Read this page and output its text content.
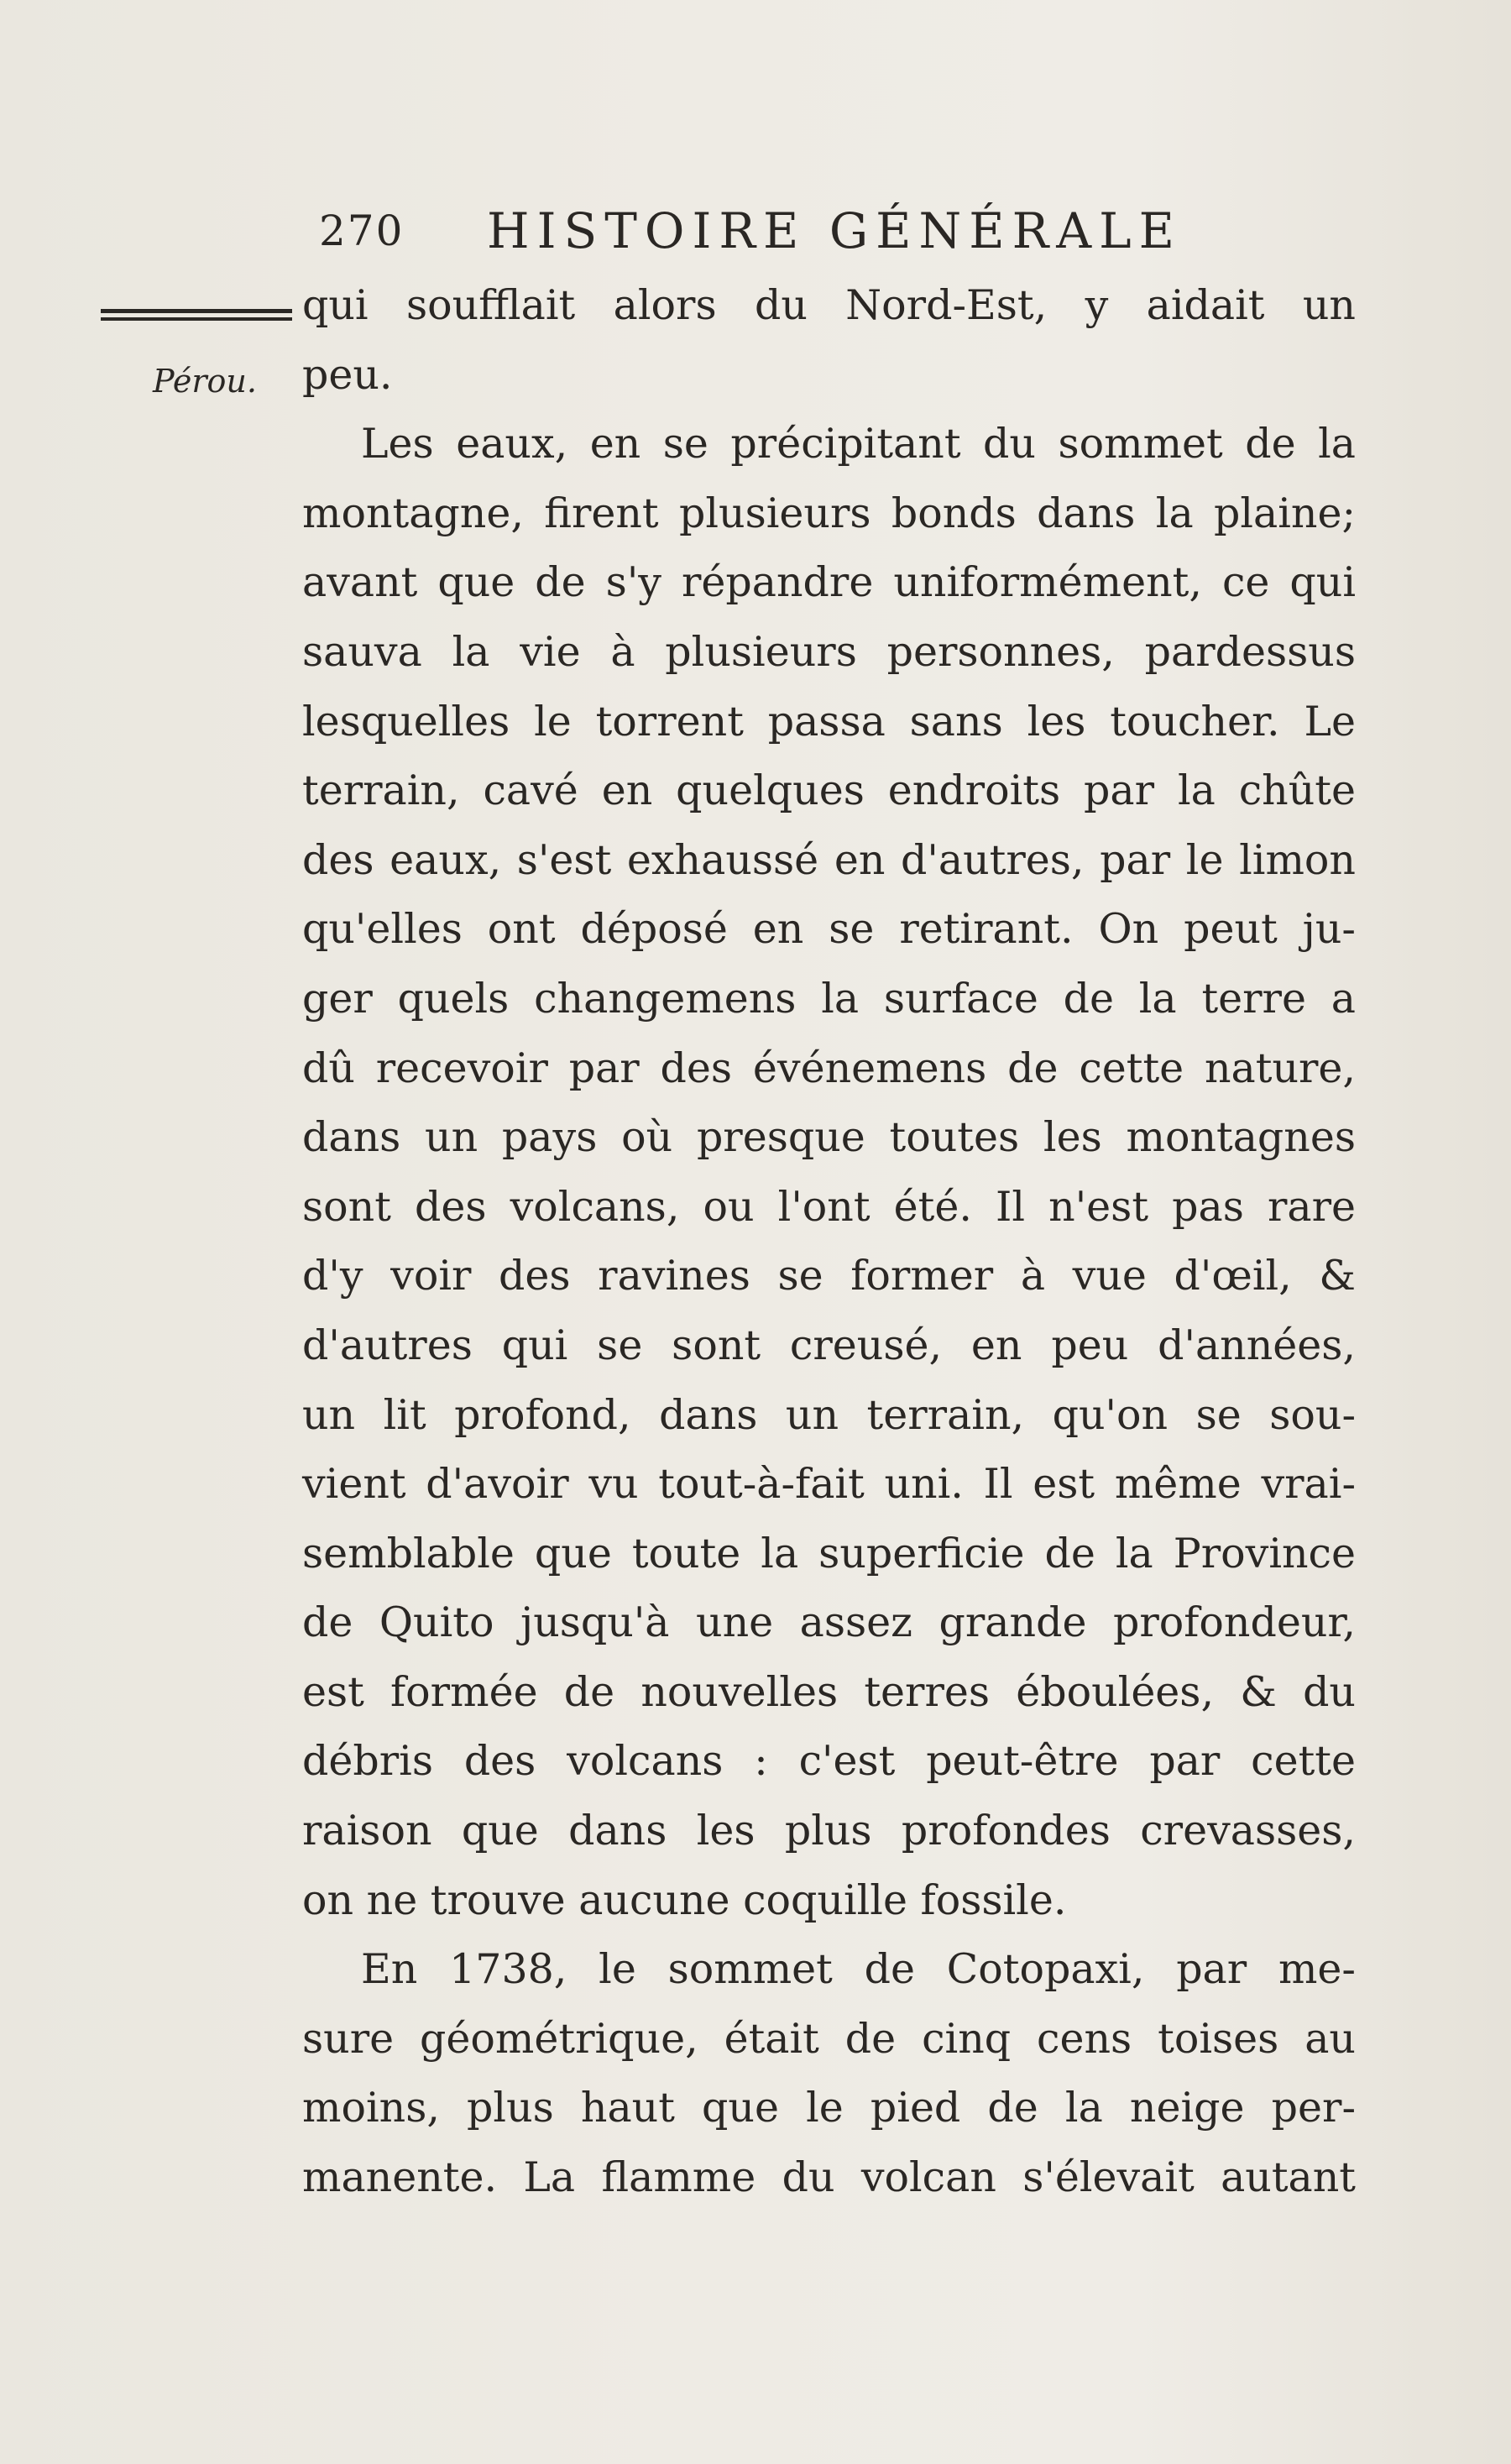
270 HISTOIRE GÉNÉRALE
Pérou.
qui soufflait alors du Nord-Est, y aidait un
peu.
Les eaux, en se précipitant du sommet de la
montagne, firent plusieurs bonds dans la plaine;
avant que de s'y répandre uniformément, ce qui
sauva la vie à plusieurs personnes, pardessus
lesquelles le torrent passa sans les toucher. Le
terrain, cavé en quelques endroits par la chûte
des eaux, s'est exhaussé en d'autres, par le limon
qu'elles ont déposé en se retirant. On peut ju-
ger quels changemens la surface de la terre a
dû recevoir par des événemens de cette nature,
dans un pays où presque toutes les montagnes
sont des volcans, ou l'ont été. Il n'est pas rare
d'y voir des ravines se former à vue d'œil, &
d'autres qui se sont creusé, en peu d'années,
un lit profond, dans un terrain, qu'on se sou-
vient d'avoir vu tout-à-fait uni. Il est même vrai-
semblable que toute la superficie de la Province
de Quito jusqu'à une assez grande profondeur,
est formée de nouvelles terres éboulées, & du
débris des volcans : c'est peut-être par cette
raison que dans les plus profondes crevasses,
on ne trouve aucune coquille fossile.
En 1738, le sommet de Cotopaxi, par me-
sure géométrique, était de cinq cens toises au
moins, plus haut que le pied de la neige per-
manente. La flamme du volcan s'élevait autant
